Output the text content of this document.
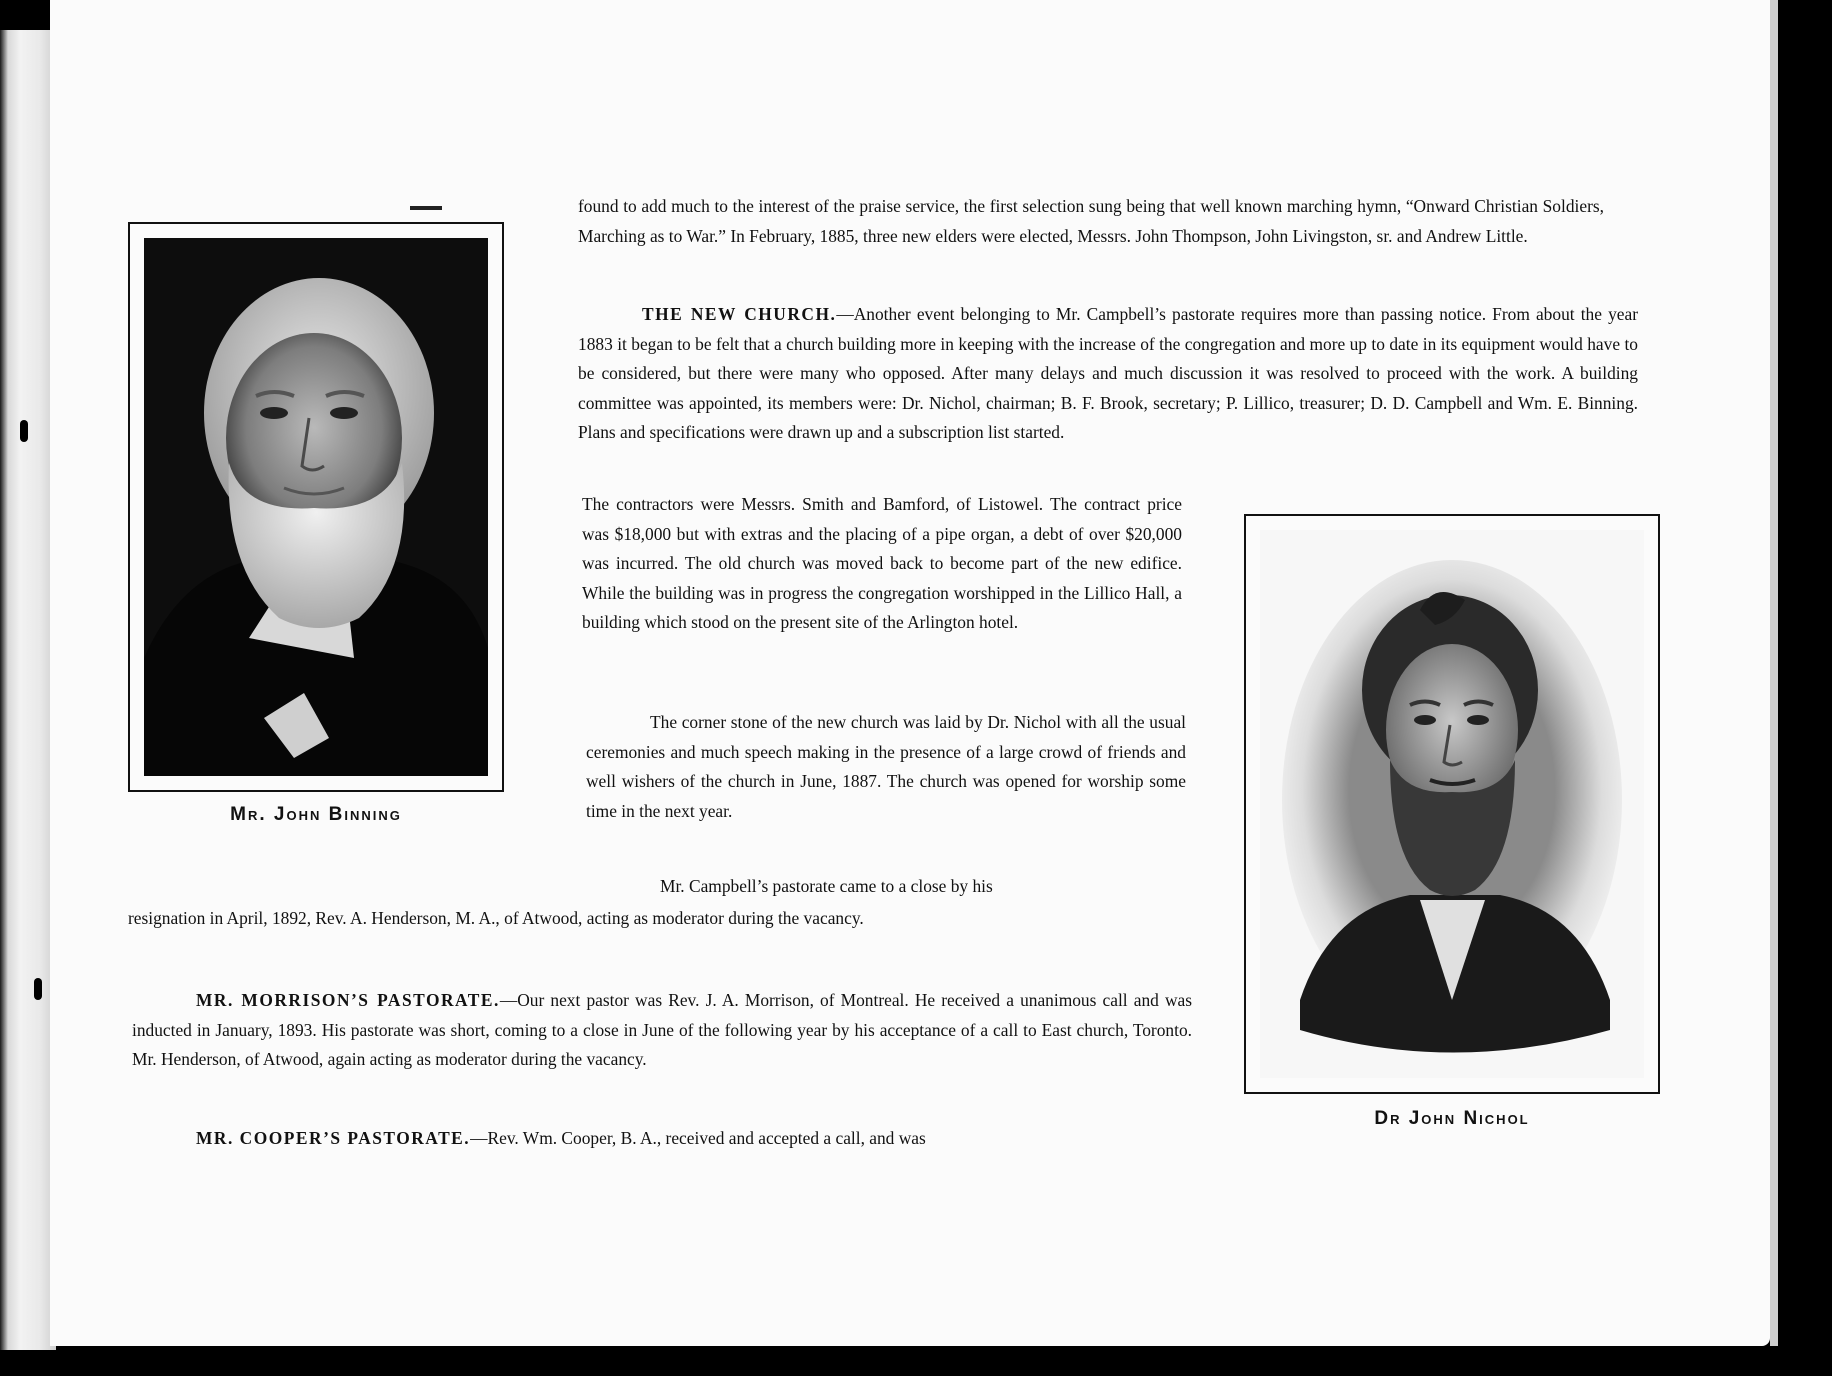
Mr. John Binning
Dr John Nichol

found to add much to the interest of the praise service, the first selection sung being that well known marching hymn, “Onward Christian Soldiers, Marching as to War.” In February, 1885, three new elders were elected, Messrs. John Thompson, John Livingston, sr. and Andrew Little.

THE NEW CHURCH.—Another event belonging to Mr. Campbell’s pastorate requires more than passing notice. From about the year 1883 it began to be felt that a church building more in keeping with the increase of the congregation and more up to date in its equipment would have to be considered, but there were many who opposed. After many delays and much discussion it was resolved to proceed with the work. A building committee was appointed, its members were: Dr. Nichol, chairman; B. F. Brook, secretary; P. Lillico, treasurer; D. D. Campbell and Wm. E. Binning. Plans and specifications were drawn up and a subscription list started.

The contractors were Messrs. Smith and Bamford, of Listowel. The contract price was $18,000 but with extras and the placing of a pipe organ, a debt of over $20,000 was incurred. The old church was moved back to become part of the new edifice. While the building was in progress the congregation worshipped in the Lillico Hall, a building which stood on the present site of the Arlington hotel.

The corner stone of the new church was laid by Dr. Nichol with all the usual ceremonies and much speech making in the presence of a large crowd of friends and well wishers of the church in June, 1887. The church was opened for worship some time in the next year.

Mr. Campbell’s pastorate came to a close by his

resignation in April, 1892, Rev. A. Henderson, M. A., of Atwood, acting as moderator during the vacancy.

MR. MORRISON’S PASTORATE.—Our next pastor was Rev. J. A. Morrison, of Montreal. He received a unanimous call and was inducted in January, 1893. His pastorate was short, coming to a close in June of the following year by his acceptance of a call to East church, Toronto. Mr. Henderson, of Atwood, again acting as moderator during the vacancy.

MR. COOPER’S PASTORATE.—Rev. Wm. Cooper, B. A., received and accepted a call, and was
